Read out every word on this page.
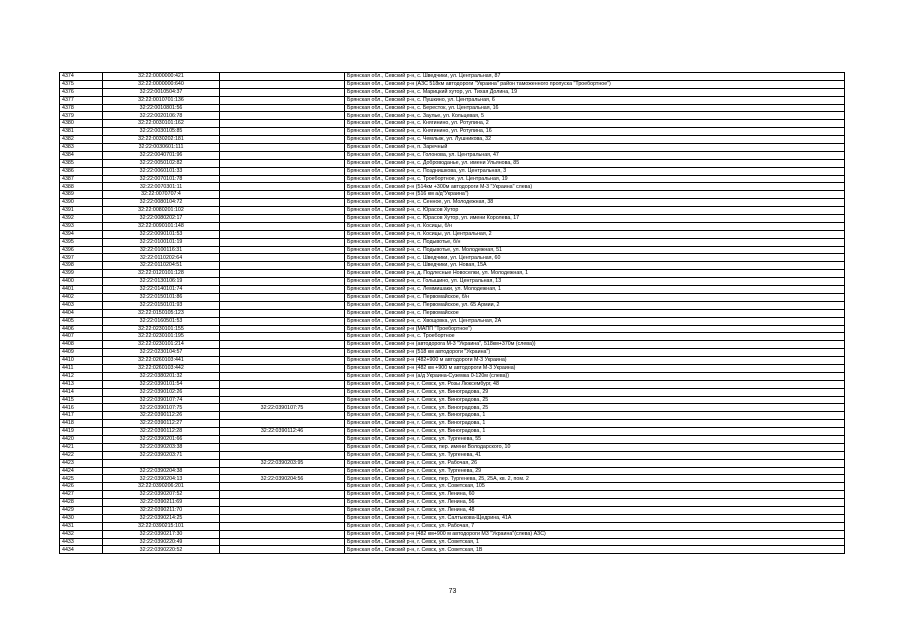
4374	32:22:0000000:421		Брянская обл., Севский р-н, с. Шведчики, ул. Центральная, 87
4375	32:22:0000000:640		Брянская обл., Севский р-н (АЗС 518км автодороги "Украина" район таможенного пропуска "Троебортное")
4376	32:22:0010504:37		Брянская обл., Севский р-н, с. Марицкий хутор, ул. Тихая Долина, 19
4377	32:22:0010701:136		Брянская обл., Севский р-н, с. Пушкино, ул. Центральная, 6
4378	32:22:0010801:56		Брянская обл., Севский р-н, с. Бересток, ул. Центральная, 16
4379	32:22:0020106:78		Брянская обл., Севский р-н, с. Заулье, ул. Кольцевая, 5
4380	32:22:0030101:162		Брянская обл., Севский р-н, с. Княгинино, ул. Ротупина, 2
4381	32:22:0030105:85		Брянская обл., Севский р-н, с. Княгинино, ул. Ротупина, 16
4382	32:22:0030202:181		Брянская обл., Севский р-н, с. Чемлыж, ул. Лушникова, 32
4383	32:22:0030601:111		Брянская обл., Севский р-н, п. Заречный
4384	32:22:0040701:96		Брянская обл., Севский р-н, с. Голонова, ул. Центральная, 47
4385	32:22:0050102:82		Брянская обл., Севский р-н, с. Доброводанье, ул. имени Ульянова, 85
4386	32:22:0060101:33		Брянская обл., Севский р-н, с. Позднишкова, ул. Центральная, 3
4387	32:22:0070101:78		Брянская обл., Севский р-н, с. Троебортное, ул. Центральная, 19
4388	32:22:0070301:11		Брянская обл., Севский р-н (514км +300м автодороги М-3 "Украина" слева)
4389	32:22:0070707:4		Брянская обл., Севский р-н (516 км а/д"Украина")
4390	32:22:0080104:72		Брянская обл., Севский р-н, с. Сенное, ул. Молодежная, 38
4391	32:22:0080201:102		Брянская обл., Севский р-н, с. Юрасов Хутор
4392	32:22:0080202:17		Брянская обл., Севский р-н, с. Юрасов Хутор, ул. имени Королева, 17
4393	32:22:0090101:148		Брянская обл., Севский р-н, п. Косицы, б/н
4394	32:22:0090101:53		Брянская обл., Севский р-н, п. Косицы, ул. Центральная, 2
4395	32:22:0100101:19		Брянская обл., Севский р-н, с. Подывотье, б/н
4396	32:22:0100116:31		Брянская обл., Севский р-н, с. Подывотье, ул. Молодежная, 51
4397	32:22:0110202:64		Брянская обл., Севский р-н, с. Шведчики, ул. Центральная, 60
4398	32:22:0110204:51		Брянская обл., Севский р-н, с. Шведчики, ул. Новая, 15А
4399	32:22:0120101:128		Брянская обл., Севский р-н, д. Подлесные Новоселки, ул. Молодежная, 1
4400	32:22:0130106:19		Брянская обл., Севский р-н, с. Голышино, ул. Центральная, 13
4401	32:22:0140101:74		Брянская обл., Севский р-н, с. Леммишаки, ул. Молодежная, 1
4402	32:22:0150101:86		Брянская обл., Севский р-н, с. Первомайское, б/н
4403	32:22:0150101:93		Брянская обл., Севский р-н, с. Первомайское, ул. 65 Армии, 2
4404	32:22:0150105:123		Брянская обл., Севский р-н, с. Первомайское
4405	32:22:0160501:53		Брянская обл., Севский р-н, с. Хвощовка, ул. Центральная, 2А
4406	32:22:0230101:155		Брянская обл., Севский р-н (МАПП "Троебортное")
4407	32:22:0230101:195		Брянская обл., Севский р-н, с. Троебортное
4408	32:22:0230101:214		Брянская обл., Севский р-н (автодорога М-3 "Украина", 518км+370м (слева))
4409	32:22:0230104:57		Брянская обл., Севский р-н (518 км автодороги "Украина")
4410	32:22:0260103:441		Брянская обл., Севский р-н (482+900 м автодороги М-3 Украина)
4411	32:22:0260103:442		Брянская обл., Севский р-н (482 км +900 м автодороги М-3 Украина)
4412	32:22:0380201:32		Брянская обл., Севский р-н (а/д Украина-Суземка 0-120м (слева))
4413	32:22:0390101:54		Брянская обл., Севский р-н, г. Севск, ул. Розы Люксембург, 48
4414	32:22:0390102:26		Брянская обл., Севский р-н, г. Севск, ул. Виноградова, 29
4415	32:22:0390107:74		Брянская обл., Севский р-н, г. Севск, ул. Виноградова, 25
4416	32:22:0390107:75	32:22:0390107:75	Брянская обл., Севский р-н, г. Севск, ул. Виноградова, 25
4417	32:22:0390112:26		Брянская обл., Севский р-н, г. Севск, ул. Виноградова, 1
4418	32:22:0390112:27		Брянская обл., Севский р-н, г. Севск, ул. Виноградова, 1
4419	32:22:0390112:28	32:22:0390112:46	Брянская обл., Севский р-н, г. Севск, ул. Виноградова, 1
4420	32:22:0390201:66		Брянская обл., Севский р-н, г. Севск, ул. Тургенева, 55
4421	32:22:0390203:38		Брянская обл., Севский р-н, г. Севск, пер. имени Володарского, 10
4422	32:22:0390203:71		Брянская обл., Севский р-н, г. Севск, ул. Тургенева, 41
4423		32:22:0390203:95	Брянская обл., Севский р-н, г. Севск, ул. Рабочая, 26
4424	32:22:0390204:38		Брянская обл., Севский р-н, г. Севск, ул. Тургенева, 29
4425	32:22:0390204:13	32:22:0390204:56	Брянская обл., Севский р-н, г. Севск, пер. Тургенева, 25, 25А, кв. 2, пом. 2
4426	32:22:0390206:201		Брянская обл., Севский р-н, г. Севск, ул. Советская, 105
4427	32:22:0390207:52		Брянская обл., Севский р-н, г. Севск, ул. Ленина, 60
4428	32:22:0390211:69		Брянская обл., Севский р-н, г. Севск, ул. Ленина, 56
4429	32:22:0390211:70		Брянская обл., Севский р-н, г. Севск, ул. Ленина, 48
4430	32:22:0390214:25		Брянская обл., Севский р-н, г. Севск, ул. Салтыкова-Щедрина, 41А
4431	32:22:0390215:101		Брянская обл., Севский р-н, г. Севск, ул. Рабочая, 7
4432	32:22:0390217:30		Брянская обл., Севский р-н (482 км+900 м автодороги М3 "Украина"(слева) АЗС)
4433	32:22:0390220:49		Брянская обл., Севский р-н, г. Севск, ул. Советская, 1
4434	32:22:0390220:52		Брянская обл., Севский р-н, г. Севск, ул. Советская, 1В
73
